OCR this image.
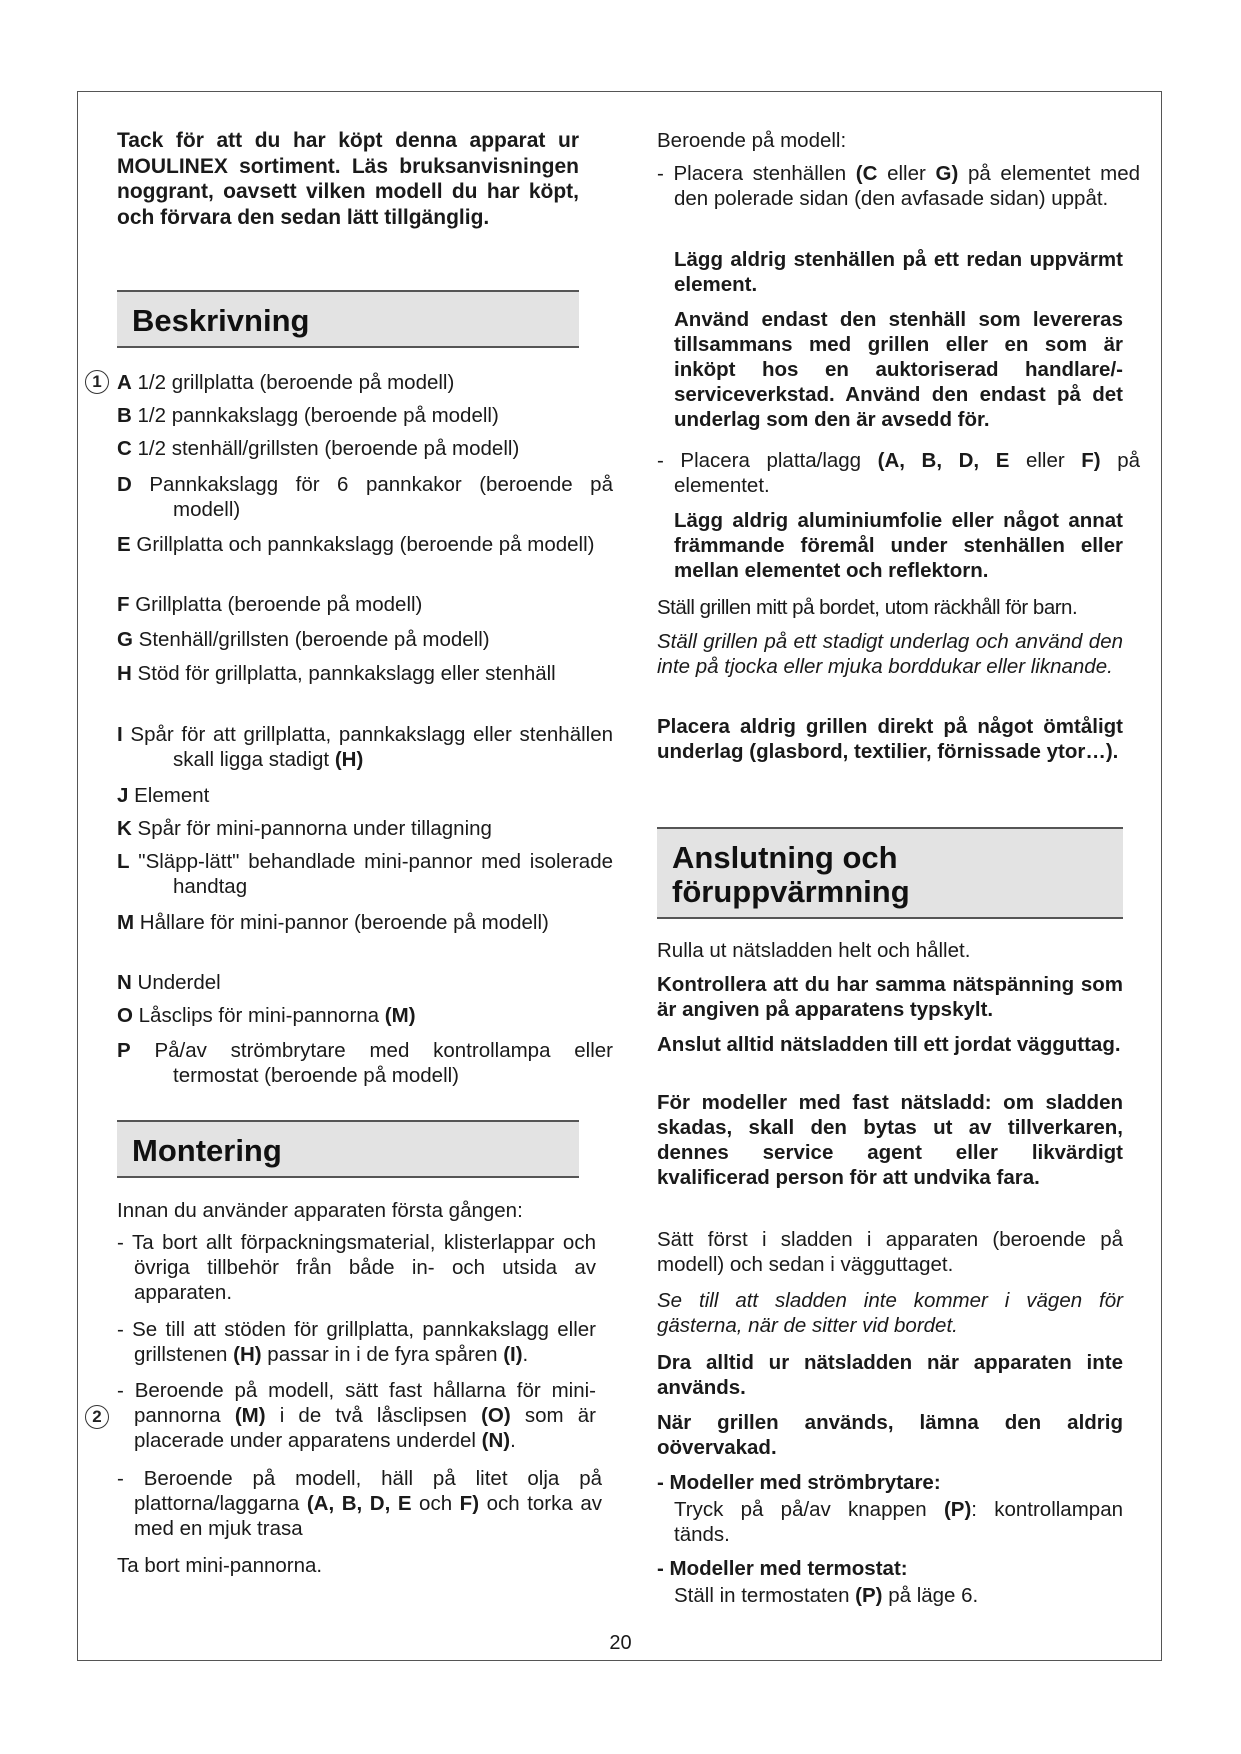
Tack för att du har köpt denna apparat ur MOULINEX sortiment. Läs bruksanvisningen noggrant, oavsett vilken modell du har köpt, och förvara den sedan lätt tillgänglig.

Beskrivning
1 A 1/2 grillplatta (beroende på modell)
B 1/2 pannkakslagg (beroende på modell)
C 1/2 stenhäll/grillsten (beroende på modell)
D Pannkakslagg för 6 pannkakor (beroende på modell)
E Grillplatta och pannkakslagg (beroende på modell)
F Grillplatta (beroende på modell)
G Stenhäll/grillsten (beroende på modell)
H Stöd för grillplatta, pannkakslagg eller stenhäll
I Spår för att grillplatta, pannkakslagg eller stenhällen skall ligga stadigt (H)
J Element
K Spår för mini-pannorna under tillagning
L "Släpp-lätt" behandlade mini-pannor med isolerade handtag
M Hållare för mini-pannor (beroende på modell)
N Underdel
O Låsclips för mini-pannorna (M)
P På/av strömbrytare med kontrollampa eller termostat (beroende på modell)
Montering

Innan du använder apparaten första gången:

- Ta bort allt förpackningsmaterial, klisterlappar och övriga tillbehör från både in- och utsida av apparaten.

- Se till att stöden för grillplatta, pannkakslagg eller grillstenen (H) passar in i de fyra spåren (I).

- Beroende på modell, sätt fast hållarna för mini-pannorna (M) i de två låsclipsen (O) som är placerade under apparatens underdel (N).

- Beroende på modell, häll på litet olja på plattorna/laggarna (A, B, D, E och F) och torka av med en mjuk trasa

Ta bort mini-pannorna.

2

Beroende på modell:

- Placera stenhällen (C eller G) på elementet med den polerade sidan (den avfasade sidan) uppåt.

Lägg aldrig stenhällen på ett redan uppvärmt element.

Använd endast den stenhäll som levereras tillsammans med grillen eller en som är inköpt hos en auktoriserad handlare/-serviceverkstad. Använd den endast på det underlag som den är avsedd för.

- Placera platta/lagg (A, B, D, E eller F) på elementet.

Lägg aldrig aluminiumfolie eller något annat främmande föremål under stenhällen eller mellan elementet och reflektorn.

Ställ grillen mitt på bordet, utom räckhåll för barn.

Ställ grillen på ett stadigt underlag och använd den inte på tjocka eller mjuka borddukar eller liknande.

Placera aldrig grillen direkt på något ömtåligt underlag (glasbord, textilier, förnissade ytor…).

Anslutning och
föruppvärmning

Rulla ut nätsladden helt och hållet.

Kontrollera att du har samma nätspänning som är angiven på apparatens typskylt.

Anslut alltid nätsladden till ett jordat vägguttag.

För modeller med fast nätsladd: om sladden skadas, skall den bytas ut av tillverkaren, dennes service agent eller likvärdigt kvalificerad person för att undvika fara.

Sätt först i sladden i apparaten (beroende på modell) och sedan i vägguttaget.

Se till att sladden inte kommer i vägen för gästerna, när de sitter vid bordet.

Dra alltid ur nätsladden när apparaten inte används.

När grillen används, lämna den aldrig oövervakad.

- Modeller med strömbrytare:

Tryck på på/av knappen (P): kontrollampan tänds.

- Modeller med termostat:

Ställ in termostaten (P) på läge 6.

20
